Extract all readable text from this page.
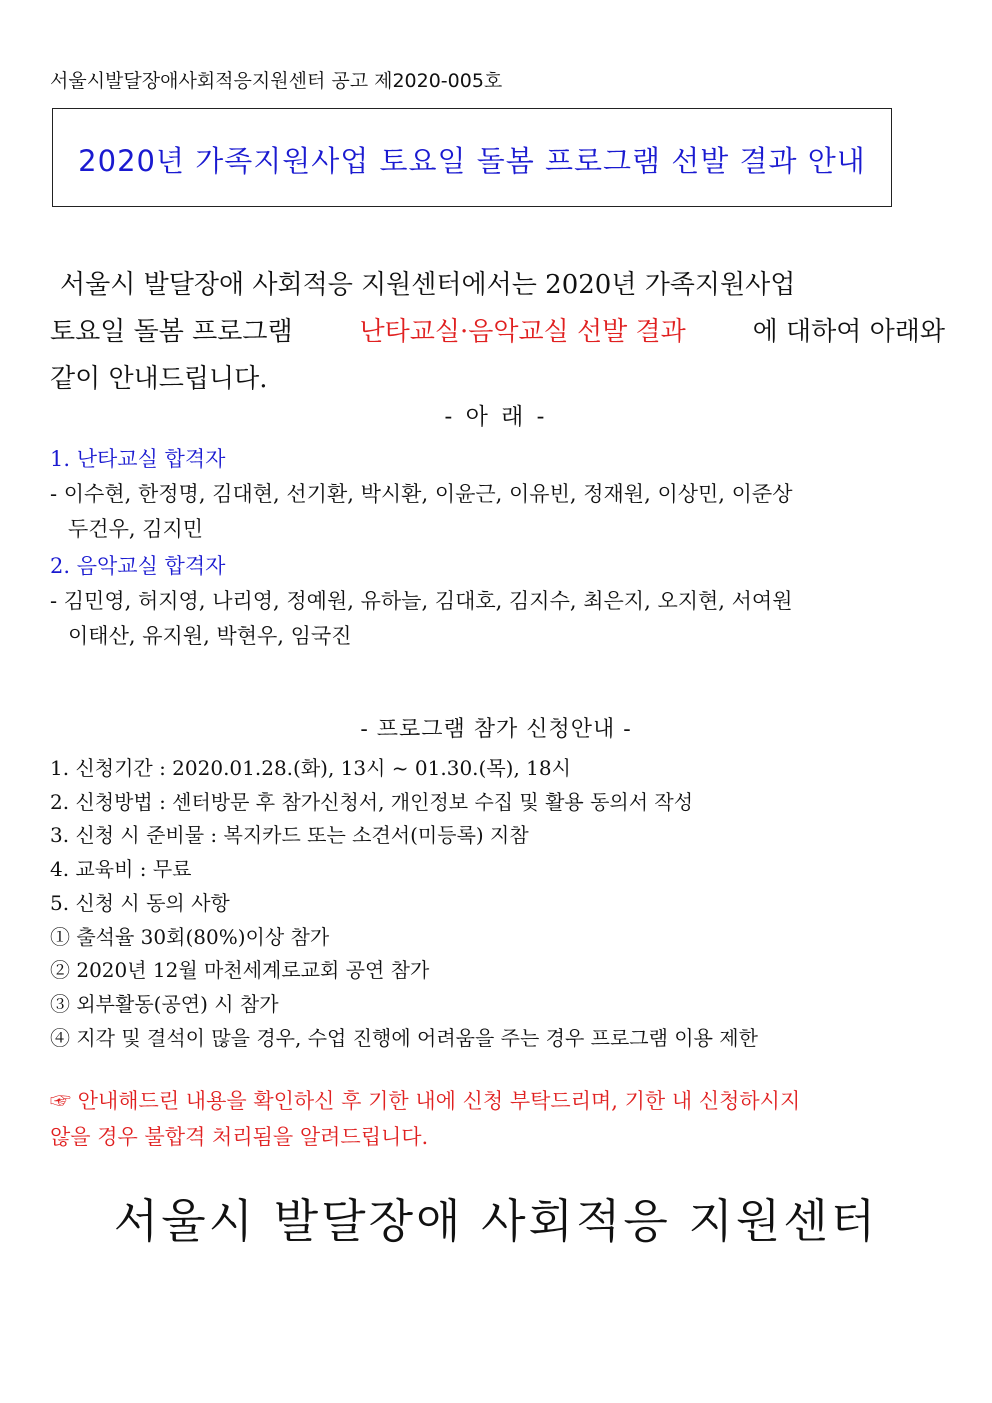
서울시발달장애사회적응지원센터 공고 제2020-005호
2020년 가족지원사업 토요일 돌봄 프로그램 선발 결과 안내
서울시 발달장애 사회적응 지원센터에서는 2020년 가족지원사업
토요일 돌봄 프로그램	난타교실·음악교실 선발 결과	에 대하여 아래와
같이 안내드립니다.
- 아 래 -
1. 난타교실 합격자
- 이수현, 한정명, 김대현, 선기환, 박시환, 이윤근, 이유빈, 정재원, 이상민, 이준상
두건우, 김지민
2. 음악교실 합격자
- 김민영, 허지영, 나리영, 정예원, 유하늘, 김대호, 김지수, 최은지, 오지현, 서여원
이태산, 유지원, 박현우, 임국진
- 프로그램 참가 신청안내 -
1. 신청기간 : 2020.01.28.(화), 13시 ~ 01.30.(목), 18시
2. 신청방법 : 센터방문 후 참가신청서, 개인정보 수집 및 활용 동의서 작성
3. 신청 시 준비물 : 복지카드 또는 소견서(미등록) 지참
4. 교육비 : 무료
5. 신청 시 동의 사항
① 출석율 30회(80%)이상 참가
② 2020년 12월 마천세계로교회 공연 참가
③ 외부활동(공연) 시 참가
④ 지각 및 결석이 많을 경우, 수업 진행에 어려움을 주는 경우 프로그램 이용 제한
☞ 안내해드린 내용을 확인하신 후 기한 내에 신청 부탁드리며, 기한 내 신청하시지
않을 경우 불합격 처리됨을 알려드립니다.
서울시 발달장애 사회적응 지원센터
